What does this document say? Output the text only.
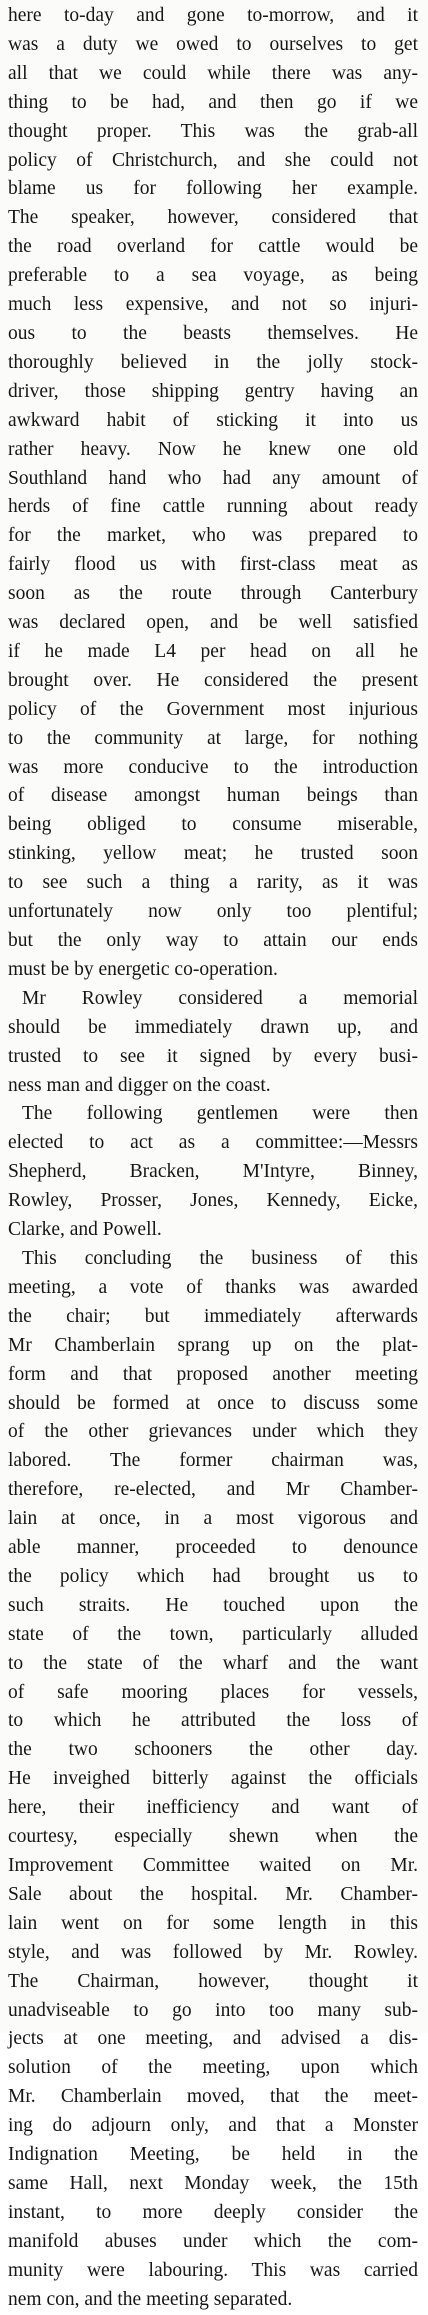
here to-day and gone to-morrow, and it
was a duty we owed to ourselves to get
all that we could while there was any-
thing to be had, and then go if we
thought proper. This was the grab-all
policy of Christchurch, and she could not
blame us for following her example.
The speaker, however, considered that
the road overland for cattle would be
preferable to a sea voyage, as being
much less expensive, and not so injuri-
ous to the beasts themselves. He
thoroughly believed in the jolly stock-
driver, those shipping gentry having an
awkward habit of sticking it into us
rather heavy. Now he knew one old
Southland hand who had any amount of
herds of fine cattle running about ready
for the market, who was prepared to
fairly flood us with first-class meat as
soon as the route through Canterbury
was declared open, and be well satisfied
if he made L4 per head on all he
brought over. He considered the present
policy of the Government most injurious
to the community at large, for nothing
was more conducive to the introduction
of disease amongst human beings than
being obliged to consume miserable,
stinking, yellow meat; he trusted soon
to see such a thing a rarity, as it was
unfortunately now only too plentiful;
but the only way to attain our ends
must be by energetic co-operation.
Mr Rowley considered a memorial
should be immediately drawn up, and
trusted to see it signed by every busi-
ness man and digger on the coast.
The following gentlemen were then
elected to act as a committee:—Messrs
Shepherd, Bracken, M'Intyre, Binney,
Rowley, Prosser, Jones, Kennedy, Eicke,
Clarke, and Powell.
This concluding the business of this
meeting, a vote of thanks was awarded
the chair; but immediately afterwards
Mr Chamberlain sprang up on the plat-
form and that proposed another meeting
should be formed at once to discuss some
of the other grievances under which they
labored. The former chairman was,
therefore, re-elected, and Mr Chamber-
lain at once, in a most vigorous and
able manner, proceeded to denounce
the policy which had brought us to
such straits. He touched upon the
state of the town, particularly alluded
to the state of the wharf and the want
of safe mooring places for vessels,
to which he attributed the loss of
the two schooners the other day.
He inveighed bitterly against the officials
here, their inefficiency and want of
courtesy, especially shewn when the
Improvement Committee waited on Mr.
Sale about the hospital. Mr. Chamber-
lain went on for some length in this
style, and was followed by Mr. Rowley.
The Chairman, however, thought it
unadviseable to go into too many sub-
jects at one meeting, and advised a dis-
solution of the meeting, upon which
Mr. Chamberlain moved, that the meet-
ing do adjourn only, and that a Monster
Indignation Meeting, be held in the
same Hall, next Monday week, the 15th
instant, to more deeply consider the
manifold abuses under which the com-
munity were labouring. This was carried
nem con, and the meeting separated.
